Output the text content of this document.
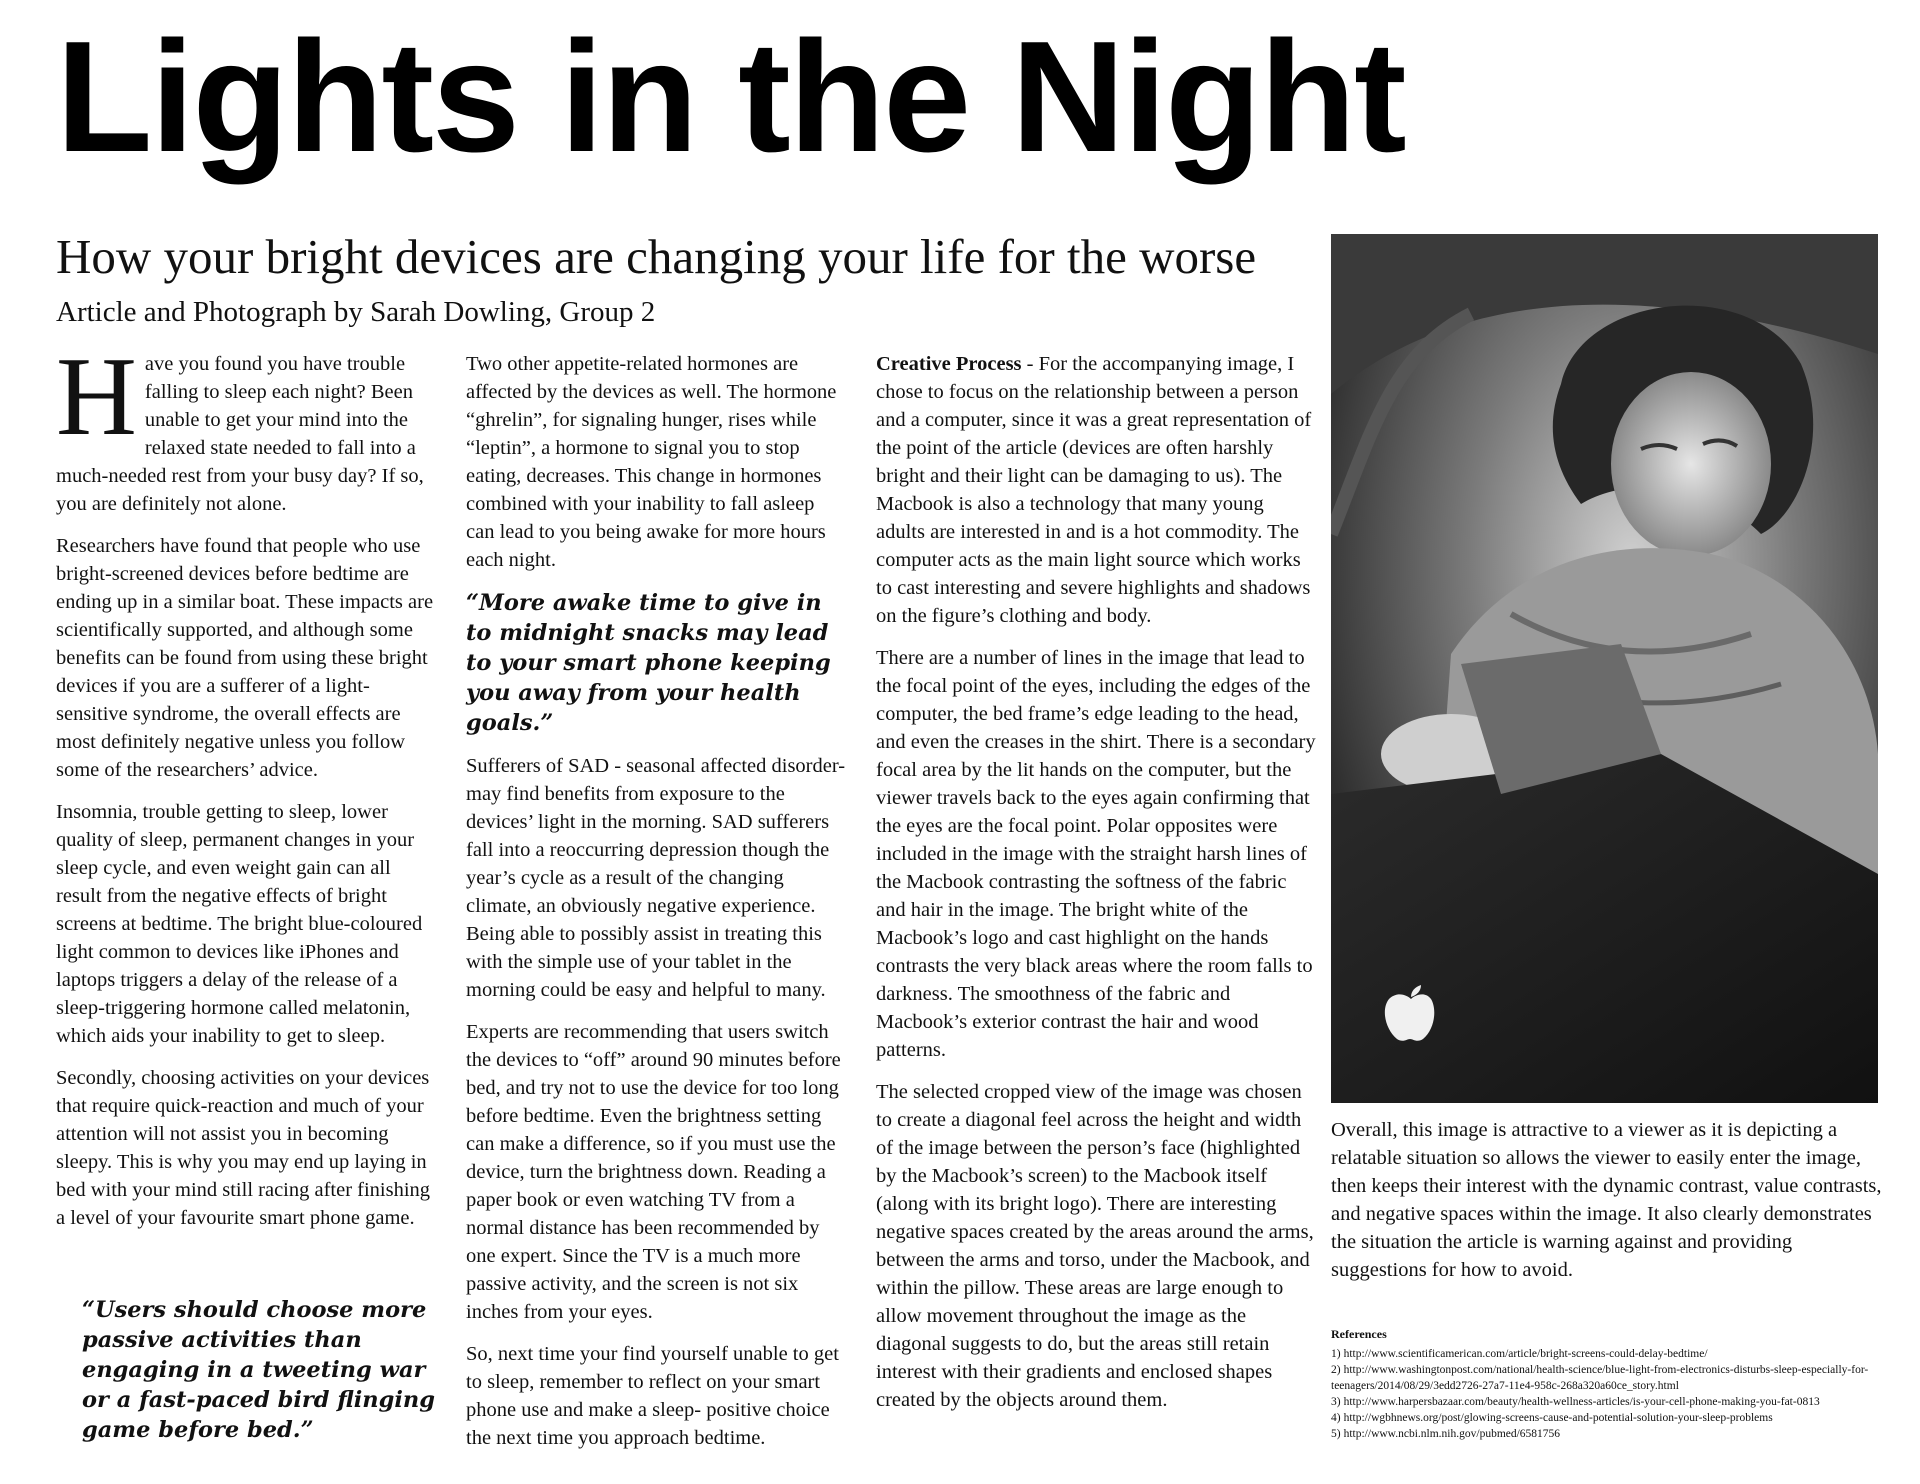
Lights in the Night
How your bright devices are changing your life for the worse
Article and Photograph by Sarah Dowling, Group 2

H ave you found you have trouble falling to sleep each night? Been unable to get your mind into the relaxed state needed to fall into a much-needed rest from your busy day? If so, you are definitely not alone.

Researchers have found that people who use bright-screened devices before bedtime are ending up in a similar boat. These impacts are scientifically supported, and although some benefits can be found from using these bright devices if you are a sufferer of a light-sensitive syndrome, the overall effects are most definitely negative unless you follow some of the researchers’ advice.

Insomnia, trouble getting to sleep, lower quality of sleep, permanent changes in your sleep cycle, and even weight gain can all result from the negative effects of bright screens at bedtime. The bright blue-coloured light common to devices like iPhones and laptops triggers a delay of the release of a sleep-triggering hormone called melatonin, which aids your inability to get to sleep.

Secondly, choosing activities on your devices that require quick-reaction and much of your attention will not assist you in becoming sleepy. This is why you may end up laying in bed with your mind still racing after finishing a level of your favourite smart phone game.

“Users should choose more passive activities than engaging in a tweeting war or a fast-paced bird flinging game before bed.”

Two other appetite-related hormones are affected by the devices as well. The hormone “ghrelin”, for signaling hunger, rises while “leptin”, a hormone to signal you to stop eating, decreases. This change in hormones combined with your inability to fall asleep can lead to you being awake for more hours each night.

“More awake time to give in to midnight snacks may lead to your smart phone keeping you away from your health goals.”

Sufferers of SAD - seasonal affected disorder- may find benefits from exposure to the devices’ light in the morning. SAD sufferers fall into a reoccurring depression though the year’s cycle as a result of the changing climate, an obviously negative experience. Being able to possibly assist in treating this with the simple use of your tablet in the morning could be easy and helpful to many.

Experts are recommending that users switch the devices to “off” around 90 minutes before bed, and try not to use the device for too long before bedtime. Even the brightness setting can make a difference, so if you must use the device, turn the brightness down. Reading a paper book or even watching TV from a normal distance has been recommended by one expert. Since the TV is a much more passive activity, and the screen is not six inches from your eyes.

So, next time your find yourself unable to get to sleep, remember to reflect on your smart phone use and make a sleep- positive choice the next time you approach bedtime.

Creative Process - For the accompanying image, I chose to focus on the relationship between a person and a computer, since it was a great representation of the point of the article (devices are often harshly bright and their light can be damaging to us). The Macbook is also a technology that many young adults are interested in and is a hot commodity. The computer acts as the main light source which works to cast interesting and severe highlights and shadows on the figure’s clothing and body.

There are a number of lines in the image that lead to the focal point of the eyes, including the edges of the computer, the bed frame’s edge leading to the head, and even the creases in the shirt. There is a secondary focal area by the lit hands on the computer, but the viewer travels back to the eyes again confirming that the eyes are the focal point. Polar opposites were included in the image with the straight harsh lines of the Macbook contrasting the softness of the fabric and hair in the image. The bright white of the Macbook’s logo and cast highlight on the hands contrasts the very black areas where the room falls to darkness. The smoothness of the fabric and Macbook’s exterior contrast the hair and wood patterns.

The selected cropped view of the image was chosen to create a diagonal feel across the height and width of the image between the person’s face (highlighted by the Macbook’s screen) to the Macbook itself (along with its bright logo). There are interesting negative spaces created by the areas around the arms, between the arms and torso, under the Macbook, and within the pillow. These areas are large enough to allow movement throughout the image as the diagonal suggests to do, but the areas still retain interest with their gradients and enclosed shapes created by the objects around them.

Overall, this image is attractive to a viewer as it is depicting a relatable situation so allows the viewer to easily enter the image, then keeps their interest with the dynamic contrast, value contrasts, and negative spaces within the image. It also clearly demonstrates the situation the article is warning against and providing suggestions for how to avoid.

References

1) http://www.scientificamerican.com/article/bright-screens-could-delay-bedtime/
2) http://www.washingtonpost.com/national/health-science/blue-light-from-electronics-disturbs-sleep-especially-for-teenagers/2014/08/29/3edd2726-27a7-11e4-958c-268a320a60ce_story.html
3) http://www.harpersbazaar.com/beauty/health-wellness-articles/is-your-cell-phone-making-you-fat-0813
4) http://wgbhnews.org/post/glowing-screens-cause-and-potential-solution-your-sleep-problems
5) http://www.ncbi.nlm.nih.gov/pubmed/6581756
